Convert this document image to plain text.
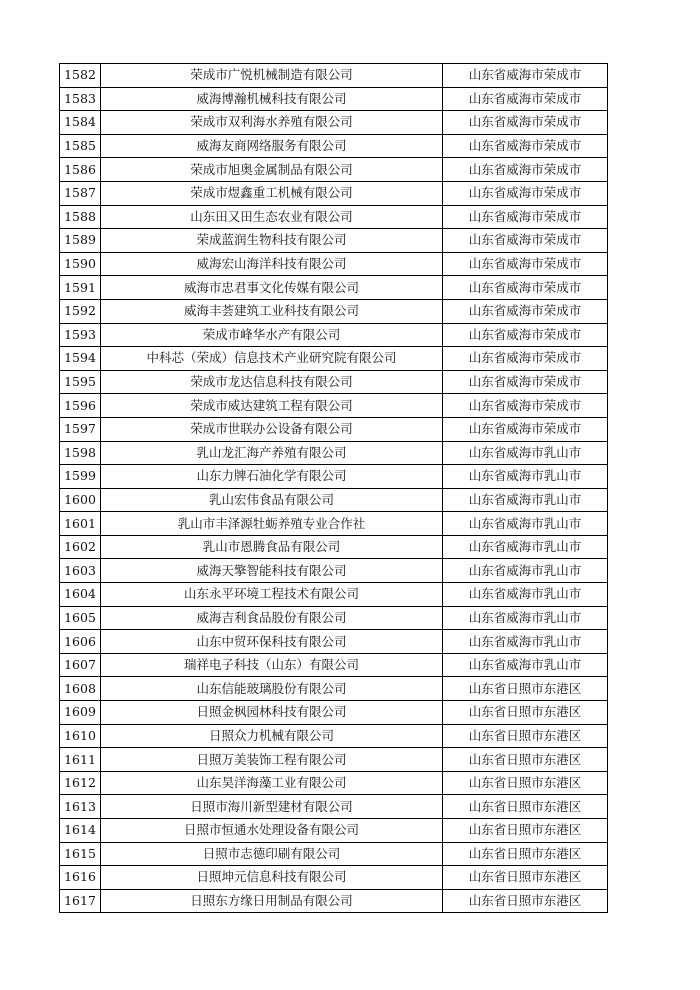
1582	荣成市广悦机械制造有限公司	山东省威海市荣成市
1583	威海博瀚机械科技有限公司	山东省威海市荣成市
1584	荣成市双利海水养殖有限公司	山东省威海市荣成市
1585	威海友商网络服务有限公司	山东省威海市荣成市
1586	荣成市旭奥金属制品有限公司	山东省威海市荣成市
1587	荣成市煜鑫重工机械有限公司	山东省威海市荣成市
1588	山东田又田生态农业有限公司	山东省威海市荣成市
1589	荣成蓝润生物科技有限公司	山东省威海市荣成市
1590	威海宏山海洋科技有限公司	山东省威海市荣成市
1591	威海市忠君事文化传媒有限公司	山东省威海市荣成市
1592	威海丰荟建筑工业科技有限公司	山东省威海市荣成市
1593	荣成市峰华水产有限公司	山东省威海市荣成市
1594	中科芯（荣成）信息技术产业研究院有限公司	山东省威海市荣成市
1595	荣成市龙达信息科技有限公司	山东省威海市荣成市
1596	荣成市威达建筑工程有限公司	山东省威海市荣成市
1597	荣成市世联办公设备有限公司	山东省威海市荣成市
1598	乳山龙汇海产养殖有限公司	山东省威海市乳山市
1599	山东力牌石油化学有限公司	山东省威海市乳山市
1600	乳山宏伟食品有限公司	山东省威海市乳山市
1601	乳山市丰泽源牡蛎养殖专业合作社	山东省威海市乳山市
1602	乳山市恩腾食品有限公司	山东省威海市乳山市
1603	威海天擎智能科技有限公司	山东省威海市乳山市
1604	山东永平环境工程技术有限公司	山东省威海市乳山市
1605	威海吉利食品股份有限公司	山东省威海市乳山市
1606	山东中贸环保科技有限公司	山东省威海市乳山市
1607	瑞祥电子科技（山东）有限公司	山东省威海市乳山市
1608	山东信能玻璃股份有限公司	山东省日照市东港区
1609	日照金枫园林科技有限公司	山东省日照市东港区
1610	日照众力机械有限公司	山东省日照市东港区
1611	日照万美装饰工程有限公司	山东省日照市东港区
1612	山东昊洋海藻工业有限公司	山东省日照市东港区
1613	日照市海川新型建材有限公司	山东省日照市东港区
1614	日照市恒通水处理设备有限公司	山东省日照市东港区
1615	日照市志德印刷有限公司	山东省日照市东港区
1616	日照坤元信息科技有限公司	山东省日照市东港区
1617	日照东方缘日用制品有限公司	山东省日照市东港区
